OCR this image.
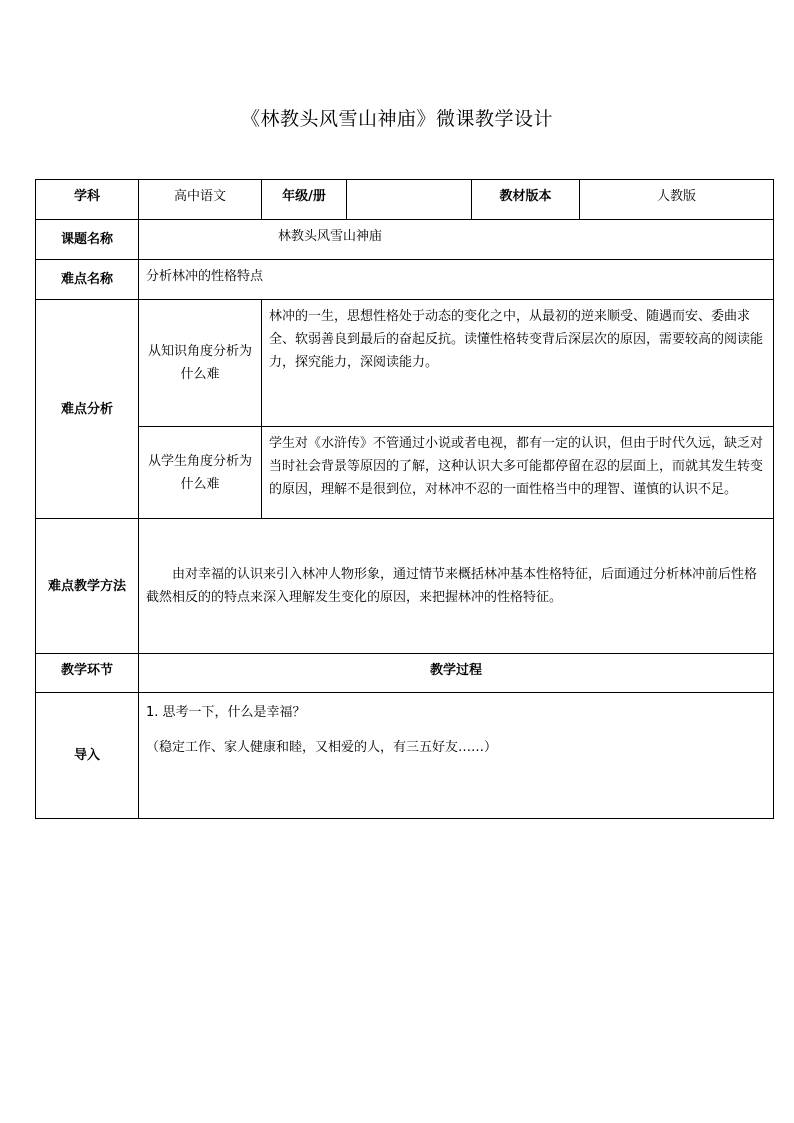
《林教头风雪山神庙》微课教学设计
学科	高中语文	年级/册		教材版本	人教版
课题名称	林教头风雪山神庙				
难点名称	分析林冲的性格特点				
难点分析	从知识角度分析为什么难	林冲的一生，思想性格处于动态的变化之中，从最初的逆来顺受、随遇而安、委曲求全、软弱善良到最后的奋起反抗。读懂性格转变背后深层次的原因，需要较高的阅读能力，探究能力，深阅读能力。			
	从学生角度分析为什么难	学生对《水浒传》不管通过小说或者电视，都有一定的认识，但由于时代久远，缺乏对当时社会背景等原因的了解，这种认识大多可能都停留在忍的层面上，而就其发生转变的原因，理解不是很到位，对林冲不忍的一面性格当中的理智、谨慎的认识不足。			
难点教学方法	由对幸福的认识来引入林冲人物形象，通过情节来概括林冲基本性格特征，后面通过分析林冲前后性格截然相反的的特点来深入理解发生变化的原因，来把握林冲的性格特征。				

教学环节	教学过程				
导入	1. 思考一下，什么是幸福？

（稳定工作、家人健康和睦，又相爱的人，有三五好友……）				
